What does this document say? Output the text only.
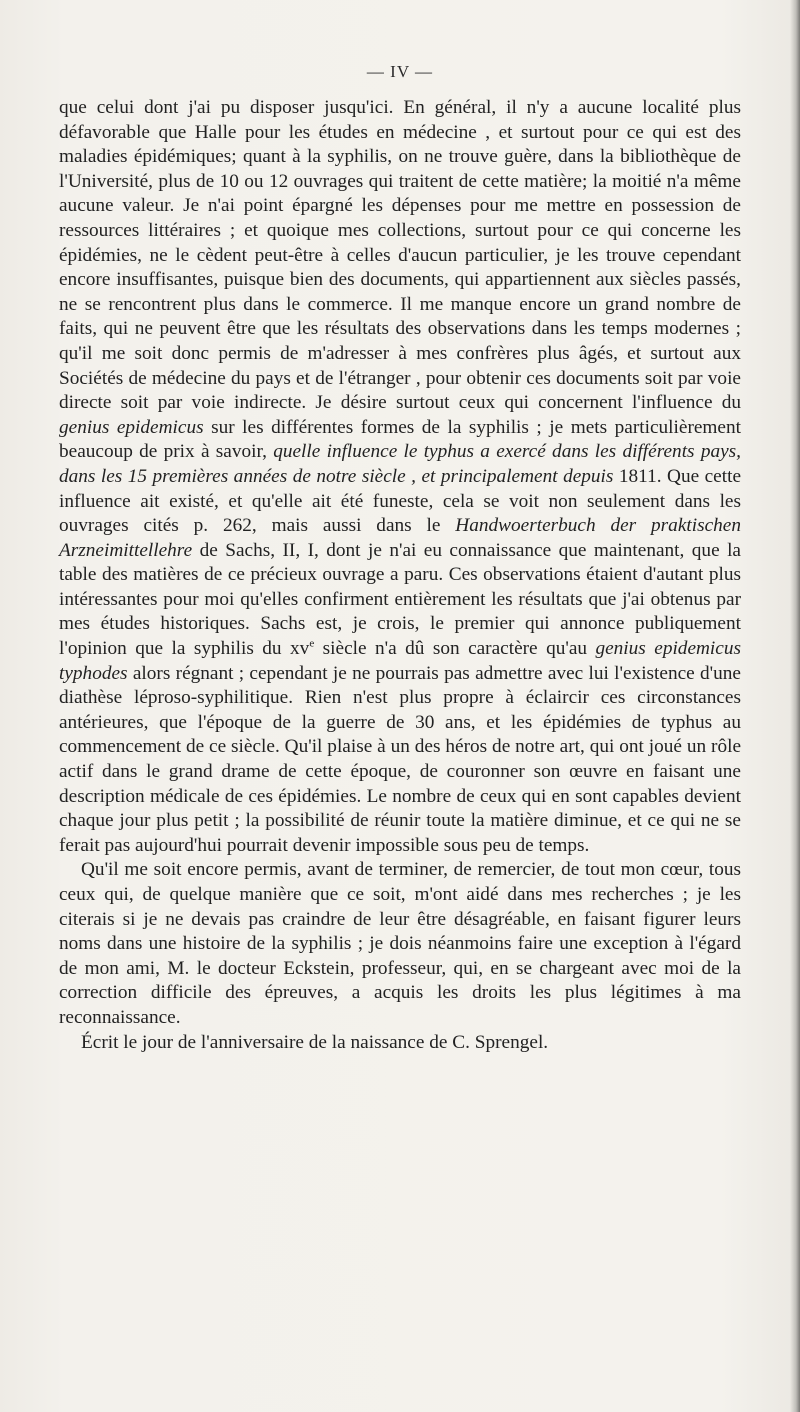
— IV —

que celui dont j'ai pu disposer jusqu'ici. En général, il n'y a aucune localité plus défavorable que Halle pour les études en médecine , et surtout pour ce qui est des maladies épidémiques; quant à la syphilis, on ne trouve guère, dans la bibliothèque de l'Université, plus de 10 ou 12 ouvrages qui traitent de cette matière; la moitié n'a même aucune valeur. Je n'ai point épargné les dépenses pour me mettre en possession de ressources littéraires ; et quoique mes collections, surtout pour ce qui concerne les épidémies, ne le cèdent peut-être à celles d'aucun particulier, je les trouve cependant encore insuffisantes, puisque bien des documents, qui appartiennent aux siècles passés, ne se rencontrent plus dans le commerce. Il me manque encore un grand nombre de faits, qui ne peuvent être que les résultats des observations dans les temps modernes ; qu'il me soit donc permis de m'adresser à mes confrères plus âgés, et surtout aux Sociétés de médecine du pays et de l'étranger , pour obtenir ces documents soit par voie directe soit par voie indirecte. Je désire surtout ceux qui concernent l'influence du genius epidemicus sur les différentes formes de la syphilis ; je mets particulièrement beaucoup de prix à savoir, quelle influence le typhus a exercé dans les différents pays, dans les 15 premières années de notre siècle , et principalement depuis 1811. Que cette influence ait existé, et qu'elle ait été funeste, cela se voit non seulement dans les ouvrages cités p. 262, mais aussi dans le Handwoerterbuch der praktischen Arzneimittellehre de Sachs, II, I, dont je n'ai eu connaissance que maintenant, que la table des matières de ce précieux ouvrage a paru. Ces observations étaient d'autant plus intéressantes pour moi qu'elles confirment entièrement les résultats que j'ai obtenus par mes études historiques. Sachs est, je crois, le premier qui annonce publiquement l'opinion que la syphilis du $xv^e$ siècle n'a dû son caractère qu'au genius epidemicus typhodes alors régnant ; cependant je ne pourrais pas admettre avec lui l'existence d'une diathèse léproso-syphilitique. Rien n'est plus propre à éclaircir ces circonstances antérieures, que l'époque de la guerre de 30 ans, et les épidémies de typhus au commencement de ce siècle. Qu'il plaise à un des héros de notre art, qui ont joué un rôle actif dans le grand drame de cette époque, de couronner son œuvre en faisant une description médicale de ces épidémies. Le nombre de ceux qui en sont capables devient chaque jour plus petit ; la possibilité de réunir toute la matière diminue, et ce qui ne se ferait pas aujourd'hui pourrait devenir impossible sous peu de temps.

Qu'il me soit encore permis, avant de terminer, de remercier, de tout mon cœur, tous ceux qui, de quelque manière que ce soit, m'ont aidé dans mes recherches ; je les citerais si je ne devais pas craindre de leur être désagréable, en faisant figurer leurs noms dans une histoire de la syphilis ; je dois néanmoins faire une exception à l'égard de mon ami, M. le docteur Eckstein, professeur, qui, en se chargeant avec moi de la correction difficile des épreuves, a acquis les droits les plus légitimes à ma reconnaissance.

Écrit le jour de l'anniversaire de la naissance de C. Sprengel.
